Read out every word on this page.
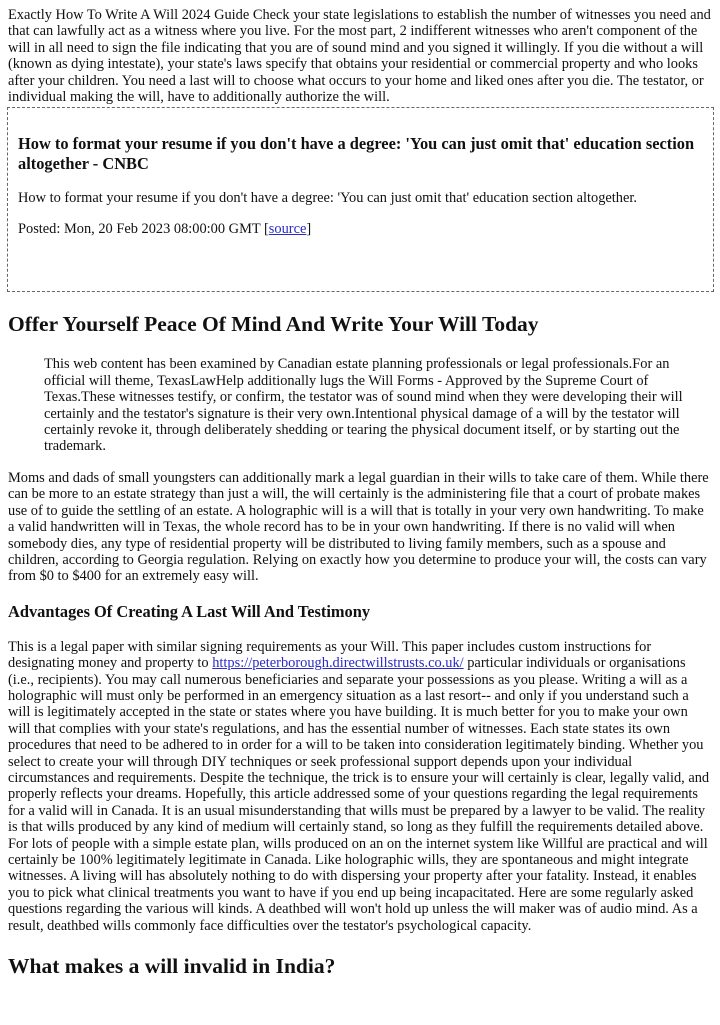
Exactly How To Write A Will 2024 Guide Check your state legislations to establish the number of witnesses you need and that can lawfully act as a witness where you live. For the most part, 2 indifferent witnesses who aren't component of the will in all need to sign the file indicating that you are of sound mind and you signed it willingly. If you die without a will (known as dying intestate), your state's laws specify that obtains your residential or commercial property and who looks after your children. You need a last will to choose what occurs to your home and liked ones after you die. The testator, or individual making the will, have to additionally authorize the will.

How to format your resume if you don't have a degree: 'You can just omit that' education section altogether - CNBC

How to format your resume if you don't have a degree: 'You can just omit that' education section altogether.

Posted: Mon, 20 Feb 2023 08:00:00 GMT [source]

Offer Yourself Peace Of Mind And Write Your Will Today
This web content has been examined by Canadian estate planning professionals or legal professionals.For an official will theme, TexasLawHelp additionally lugs the Will Forms - Approved by the Supreme Court of Texas.These witnesses testify, or confirm, the testator was of sound mind when they were developing their will certainly and the testator's signature is their very own.Intentional physical damage of a will by the testator will certainly revoke it, through deliberately shedding or tearing the physical document itself, or by starting out the trademark.

Moms and dads of small youngsters can additionally mark a legal guardian in their wills to take care of them. While there can be more to an estate strategy than just a will, the will certainly is the administering file that a court of probate makes use of to guide the settling of an estate. A holographic will is a will that is totally in your very own handwriting. To make a valid handwritten will in Texas, the whole record has to be in your own handwriting. If there is no valid will when somebody dies, any type of residential property will be distributed to living family members, such as a spouse and children, according to Georgia regulation. Relying on exactly how you determine to produce your will, the costs can vary from $0 to $400 for an extremely easy will.

Advantages Of Creating A Last Will And Testimony

This is a legal paper with similar signing requirements as your Will. This paper includes custom instructions for designating money and property to https://peterborough.directwillstrusts.co.uk/ particular individuals or organisations (i.e., recipients). You may call numerous beneficiaries and separate your possessions as you please. Writing a will as a holographic will must only be performed in an emergency situation as a last resort-- and only if you understand such a will is legitimately accepted in the state or states where you have building. It is much better for you to make your own will that complies with your state's regulations, and has the essential number of witnesses. Each state states its own procedures that need to be adhered to in order for a will to be taken into consideration legitimately binding. Whether you select to create your will through DIY techniques or seek professional support depends upon your individual circumstances and requirements. Despite the technique, the trick is to ensure your will certainly is clear, legally valid, and properly reflects your dreams. Hopefully, this article addressed some of your questions regarding the legal requirements for a valid will in Canada. It is an usual misunderstanding that wills must be prepared by a lawyer to be valid. The reality is that wills produced by any kind of medium will certainly stand, so long as they fulfill the requirements detailed above. For lots of people with a simple estate plan, wills produced on an on the internet system like Willful are practical and will certainly be 100% legitimately legitimate in Canada. Like holographic wills, they are spontaneous and might integrate witnesses. A living will has absolutely nothing to do with dispersing your property after your fatality. Instead, it enables you to pick what clinical treatments you want to have if you end up being incapacitated. Here are some regularly asked questions regarding the various will kinds. A deathbed will won't hold up unless the will maker was of audio mind. As a result, deathbed wills commonly face difficulties over the testator's psychological capacity.

What makes a will invalid in India?
